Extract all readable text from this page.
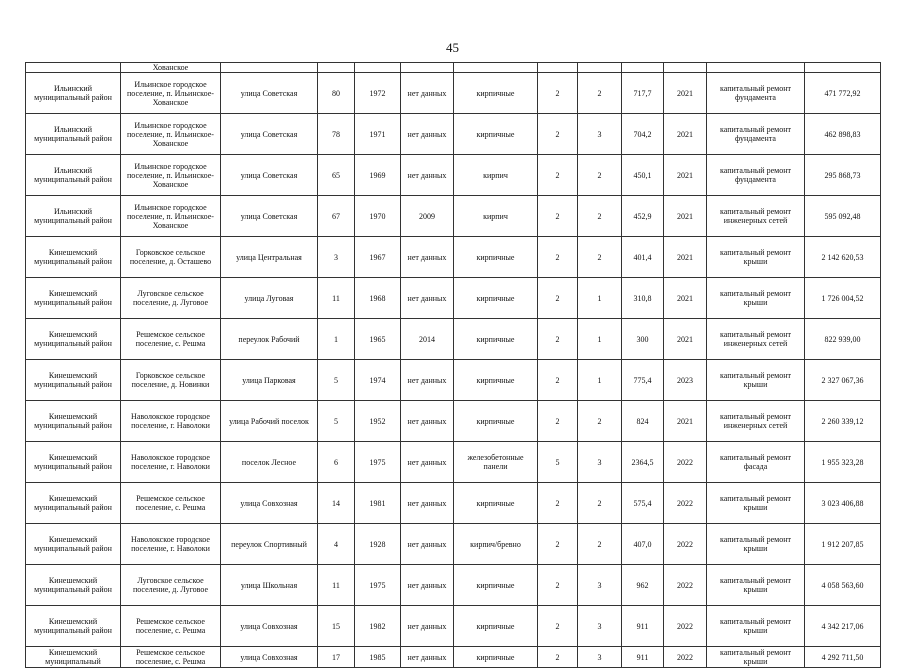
45
	Хованское											
Ильинский муниципальный район	Ильинское городское поселение, п. Ильинское-Хованское	улица Советская	80	1972	нет данных	кирпичные	2	2	717,7	2021	капитальный ремонт фундамента	471 772,92
Ильинский муниципальный район	Ильинское городское поселение, п. Ильинское-Хованское	улица Советская	78	1971	нет данных	кирпичные	2	3	704,2	2021	капитальный ремонт фундамента	462 898,83
Ильинский муниципальный район	Ильинское городское поселение, п. Ильинское-Хованское	улица Советская	65	1969	нет данных	кирпич	2	2	450,1	2021	капитальный ремонт фундамента	295 868,73
Ильинский муниципальный район	Ильинское городское поселение, п. Ильинское-Хованское	улица Советская	67	1970	2009	кирпич	2	2	452,9	2021	капитальный ремонт инженерных сетей	595 092,48
Кинешемский муниципальный район	Горковское сельское поселение, д. Осташево	улица Центральная	3	1967	нет данных	кирпичные	2	2	401,4	2021	капитальный ремонт крыши	2 142 620,53
Кинешемский муниципальный район	Луговское сельское поселение, д. Луговое	улица Луговая	11	1968	нет данных	кирпичные	2	1	310,8	2021	капитальный ремонт крыши	1 726 004,52
Кинешемский муниципальный район	Решемское сельское поселение, с. Решма	переулок Рабочий	1	1965	2014	кирпичные	2	1	300	2021	капитальный ремонт инженерных сетей	822 939,00
Кинешемский муниципальный район	Горковское сельское поселение, д. Новинки	улица Парковая	5	1974	нет данных	кирпичные	2	1	775,4	2023	капитальный ремонт крыши	2 327 067,36
Кинешемский муниципальный район	Наволокское городское поселение, г. Наволоки	улица Рабочий поселок	5	1952	нет данных	кирпичные	2	2	824	2021	капитальный ремонт инженерных сетей	2 260 339,12
Кинешемский муниципальный район	Наволокское городское поселение, г. Наволоки	поселок Лесное	6	1975	нет данных	железобетонные панели	5	3	2364,5	2022	капитальный ремонт фасада	1 955 323,28
Кинешемский муниципальный район	Решемское сельское поселение, с. Решма	улица Совхозная	14	1981	нет данных	кирпичные	2	2	575,4	2022	капитальный ремонт крыши	3 023 406,88
Кинешемский муниципальный район	Наволокское городское поселение, г. Наволоки	переулок Спортивный	4	1928	нет данных	кирпич/бревно	2	2	407,0	2022	капитальный ремонт крыши	1 912 207,85
Кинешемский муниципальный район	Луговское сельское поселение, д. Луговое	улица Школьная	11	1975	нет данных	кирпичные	2	3	962	2022	капитальный ремонт крыши	4 058 563,60
Кинешемский муниципальный район	Решемское сельское поселение, с. Решма	улица Совхозная	15	1982	нет данных	кирпичные	2	3	911	2022	капитальный ремонт крыши	4 342 217,06
Кинешемский муниципальный	Решемское сельское поселение, с. Решма	улица Совхозная	17	1985	нет данных	кирпичные	2	3	911	2022	капитальный ремонт крыши	4 292 711,50
